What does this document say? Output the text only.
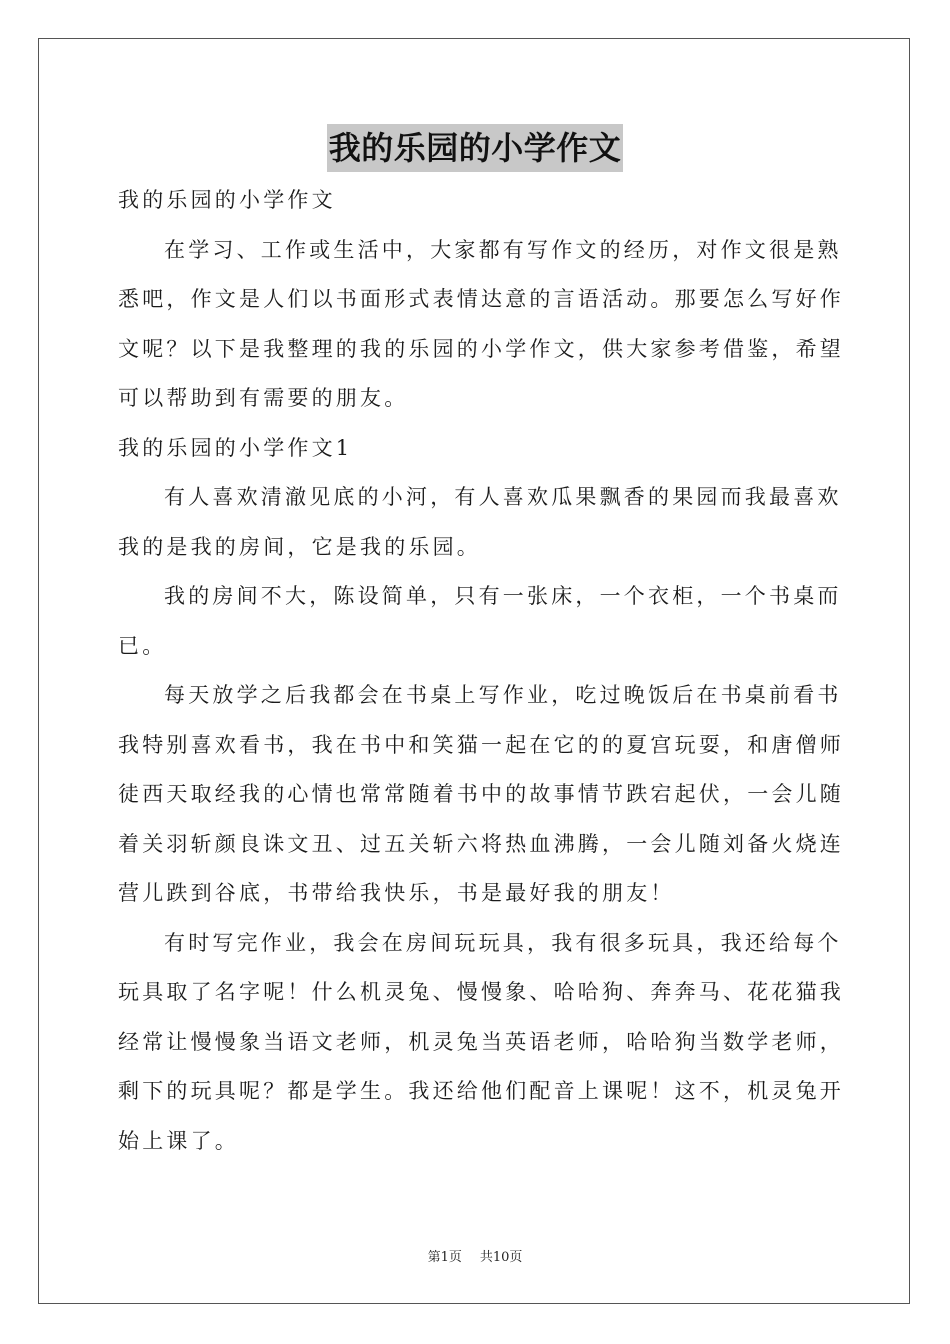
我的乐园的小学作文

我的乐园的小学作文

在学习、工作或生活中，大家都有写作文的经历，对作文很是熟

悉吧，作文是人们以书面形式表情达意的言语活动。那要怎么写好作

文呢？以下是我整理的我的乐园的小学作文，供大家参考借鉴，希望

可以帮助到有需要的朋友。

我的乐园的小学作文1

有人喜欢清澈见底的小河，有人喜欢瓜果飘香的果园而我最喜欢

我的是我的房间，它是我的乐园。

我的房间不大，陈设简单，只有一张床，一个衣柜，一个书桌而

已。

每天放学之后我都会在书桌上写作业，吃过晚饭后在书桌前看书

我特别喜欢看书，我在书中和笑猫一起在它的的夏宫玩耍，和唐僧师

徒西天取经我的心情也常常随着书中的故事情节跌宕起伏，一会儿随

着关羽斩颜良诛文丑、过五关斩六将热血沸腾，一会儿随刘备火烧连

营儿跌到谷底，书带给我快乐，书是最好我的朋友！

有时写完作业，我会在房间玩玩具，我有很多玩具，我还给每个

玩具取了名字呢！什么机灵兔、慢慢象、哈哈狗、奔奔马、花花猫我

经常让慢慢象当语文老师，机灵兔当英语老师，哈哈狗当数学老师，

剩下的玩具呢？都是学生。我还给他们配音上课呢！这不，机灵兔开

始上课了。

第1页 共10页
